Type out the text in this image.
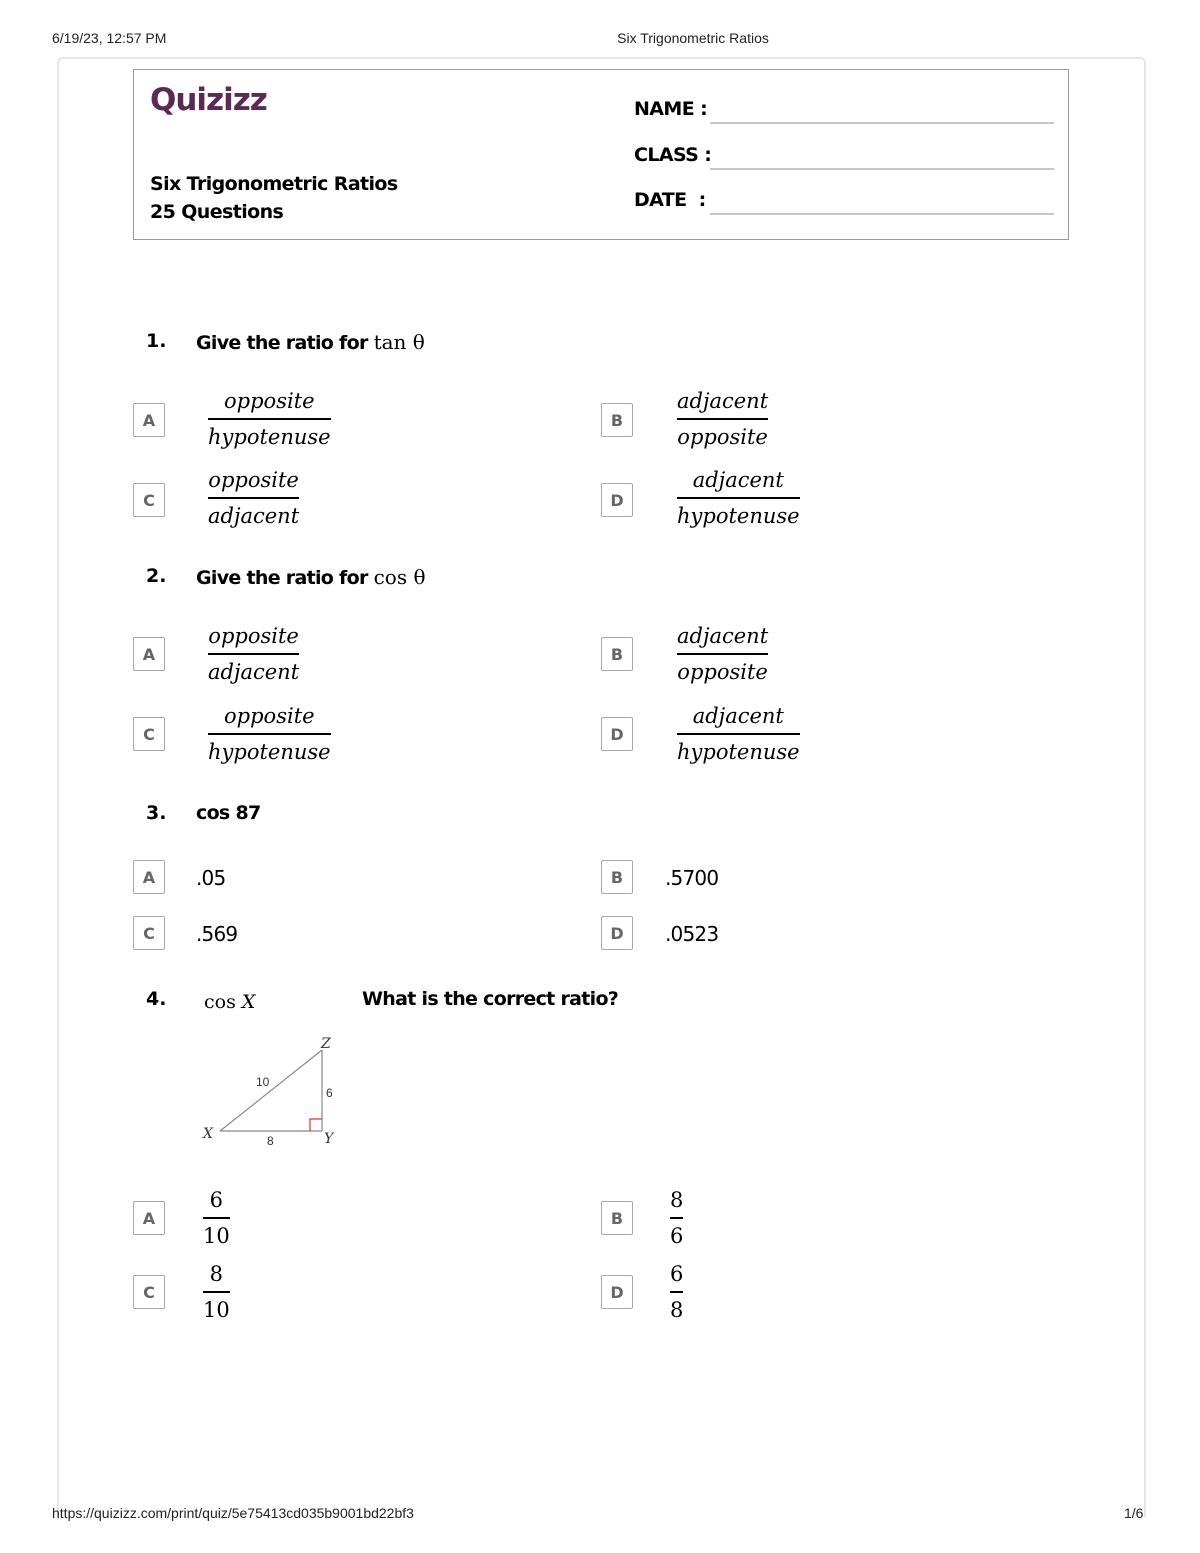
6/19/23, 12:57 PM	Six Trigonometric Ratios
Quizizz
Six Trigonometric Ratios
25 Questions
NAME :
CLASS :
DATE  :
1. Give the ratio for tan θ
A
opposite
hypotenuse
B
adjacent
opposite
C
opposite
adjacent
D
adjacent
hypotenuse
2. Give the ratio for cos θ
A
opposite
adjacent
B
adjacent
opposite
C
opposite
hypotenuse
D
adjacent
hypotenuse
3. cos 87
A	.05	B	.5700
C	.569	D	.0523
4. cos X	What is the correct ratio?
Z
X	Y
10
6
8
A
6
10
B
8
6
C
8
10
D
6
8
https://quizizz.com/print/quiz/5e75413cd035b9001bd22bf3	1/6
